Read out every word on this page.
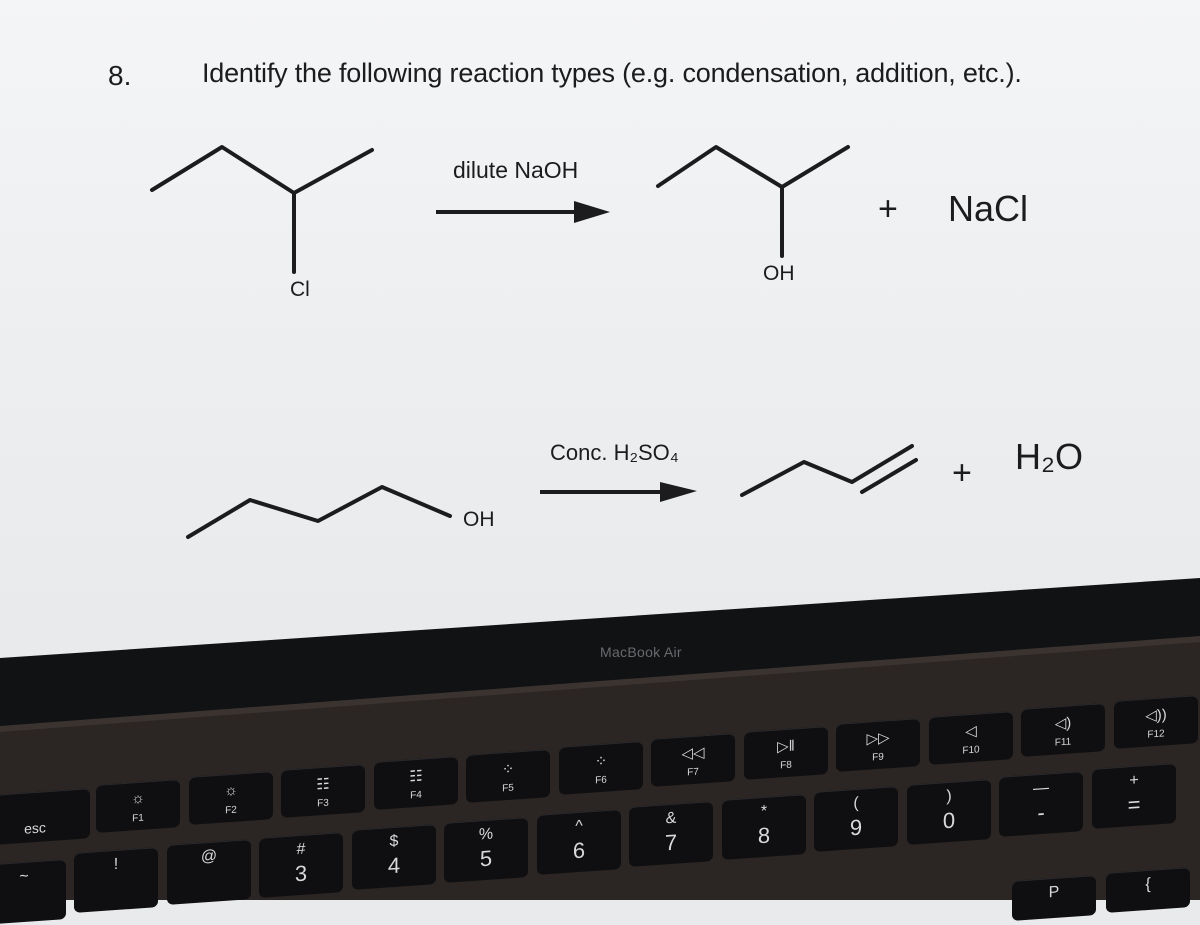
8.	Identify the following reaction types (e.g. condensation, addition, etc.).
dilute NaOH
Cl
OH
+ NaCl
Conc. H₂SO₄
OH
+ H₂O
MacBook Air
esc
☼
F1
☼
F2
☷
F3
☷
F4
⁘
F5
⁘
F6
◁◁
F7
▷‖
F8
▷▷
F9
◁
F10
◁)
F11
◁))
F12
~
!	@	#
3
$
4
%
5
^
6
&
7
*
8
(
9
)
0
—
-
+
=
P	{
